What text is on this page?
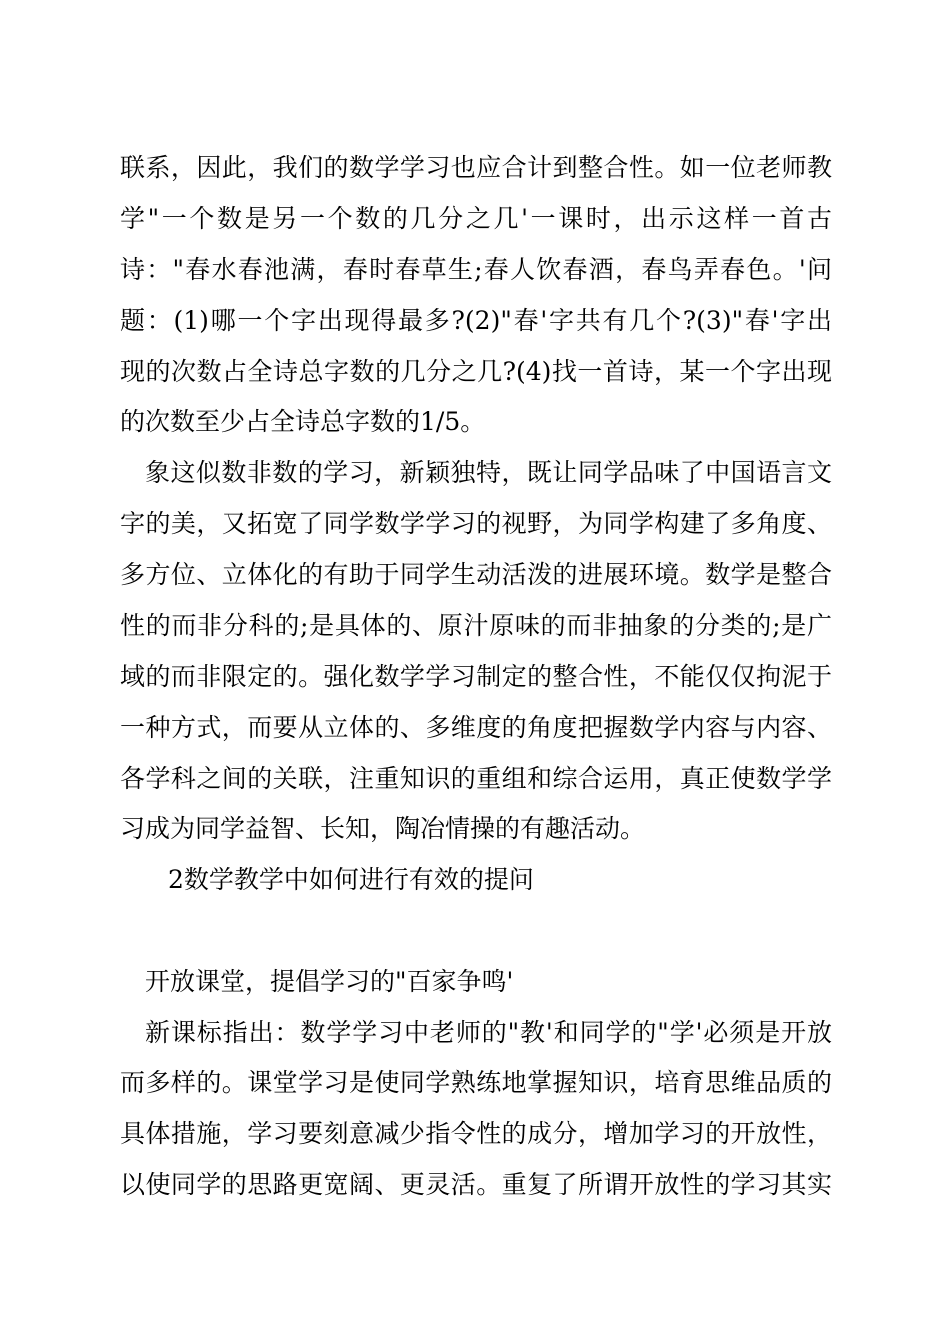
联系，因此，我们的数学学习也应合计到整合性。如一位老师教
学"一个数是另一个数的几分之几'一课时，出示这样一首古
诗："春水春池满，春时春草生;春人饮春酒，春鸟弄春色。'问
题：(1)哪一个字出现得最多?(2)"春'字共有几个?(3)"春'字出
现的次数占全诗总字数的几分之几?(4)找一首诗，某一个字出现
的次数至少占全诗总字数的1/5。
象这似数非数的学习，新颖独特，既让同学品味了中国语言文
字的美，又拓宽了同学数学学习的视野，为同学构建了多角度、
多方位、立体化的有助于同学生动活泼的进展环境。数学是整合
性的而非分科的;是具体的、原汁原味的而非抽象的分类的;是广
域的而非限定的。强化数学学习制定的整合性，不能仅仅拘泥于
一种方式，而要从立体的、多维度的角度把握数学内容与内容、
各学科之间的关联，注重知识的重组和综合运用，真正使数学学
习成为同学益智、长知，陶冶情操的有趣活动。
2数学教学中如何进行有效的提问
开放课堂，提倡学习的"百家争鸣'
新课标指出：数学学习中老师的"教'和同学的"学'必须是开放
而多样的。课堂学习是使同学熟练地掌握知识，培育思维品质的
具体措施，学习要刻意减少指令性的成分，增加学习的开放性，
以使同学的思路更宽阔、更灵活。重复了所谓开放性的学习其实
